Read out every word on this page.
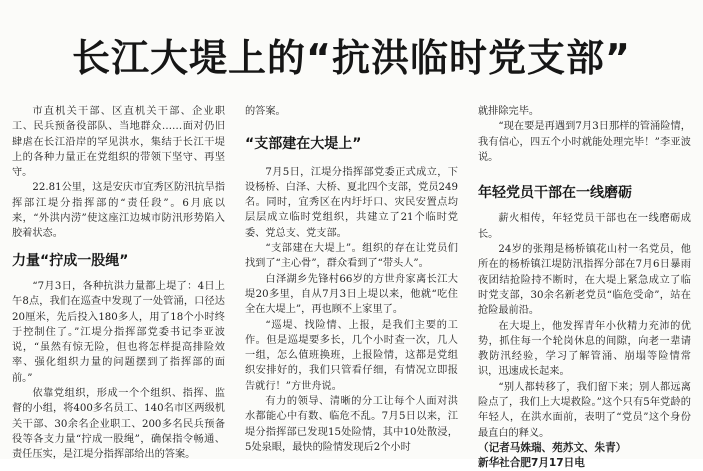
长江大堤上的“抗洪临时党支部”

市直机关干部、区直机关干部、企业职工、民兵预备役部队、当地群众……面对仍旧肆虐在长江沿岸的罕见洪水，集结于长江干堤上的各种力量正在党组织的带领下坚守、再坚守。

22.81公里，这是安庆市宜秀区防汛抗旱指挥部江堤分指挥部的“责任段”。6月底以来，“外洪内涝”使这座江边城市防汛形势陷入胶着状态。

力量“拧成一股绳”

“7月3日，各种抗洪力量都上堤了：4日上午8点，我们在巡查中发现了一处管涌，口径达20厘米，先后投入180多人，用了18个小时终于控制住了。”江堤分指挥部党委书记李亚波说，“虽然有惊无险，但也将怎样提高排险效率、强化组织力量的问题摆到了指挥部的面前。”

依靠党组织，形成一个个组织、指挥、监督的小组，将400多名员工、140名市区两级机关干部、30余名企业职工、200多名民兵预备役等各支力量“拧成一股绳”，确保指令畅通、责任压实，是江堤分指挥部给出的答案。

的答案。

“支部建在大堤上”

7月5日，江堤分指挥部党委正式成立，下设杨桥、白泽、大桥、夏北四个支部，党员249名。同时，宜秀区在内圩圩口、灾民安置点均层层成立临时党组织，共建立了21个临时党委、党总支、党支部。

“支部建在大堤上”。组织的存在让党员们找到了“主心骨”，群众看到了“带头人”。

白泽湖乡先锋村66岁的方世舟家离长江大堤20多里，自从7月3日上堤以来，他就“吃住全在大堤上”，再也顾不上家里了。

“巡堤、找险情、上报，是我们主要的工作。但是巡堤要多长，几个小时查一次，几人一组，怎么值班换班，上报险情，这都是党组织安排好的，我们只管看仔细，有情况立即报告就行！”方世舟说。

有力的领导、清晰的分工让每个人面对洪水都能心中有数、临危不乱。7月5日以来，江堤分指挥部已发现15处险情，其中10处散浸，5处泉眼，最快的险情发现后2个小时

就排除完毕。

“现在要是再遇到7月3日那样的管涌险情，我有信心，四五个小时就能处理完毕！”李亚波说。

年轻党员干部在一线磨砺

薪火相传，年轻党员干部也在一线磨砺成长。

24岁的张翔是杨桥镇花山村一名党员，他所在的杨桥镇江堤防汛指挥分部在7月6日暴雨夜团结抢险持不断时，在大堤上紧急成立了临时党支部，30余名新老党员“临危受命”，站在抢险最前沿。

在大堤上，他发挥青年小伙精力充沛的优势，抓住每一个轮岗休息的间隙，向老一辈请教防汛经验，学习了解管涌、崩塌等险情常识，迅速成长起来。

“别人都转移了，我们留下来；别人都远离险点了，我们上大堤救险。”这个只有5年党龄的年轻人，在洪水面前，表明了“党员”这个身份最直白的释义。

（记者马姝瑞、苑苏文、朱青）

新华社合肥7月17日电
